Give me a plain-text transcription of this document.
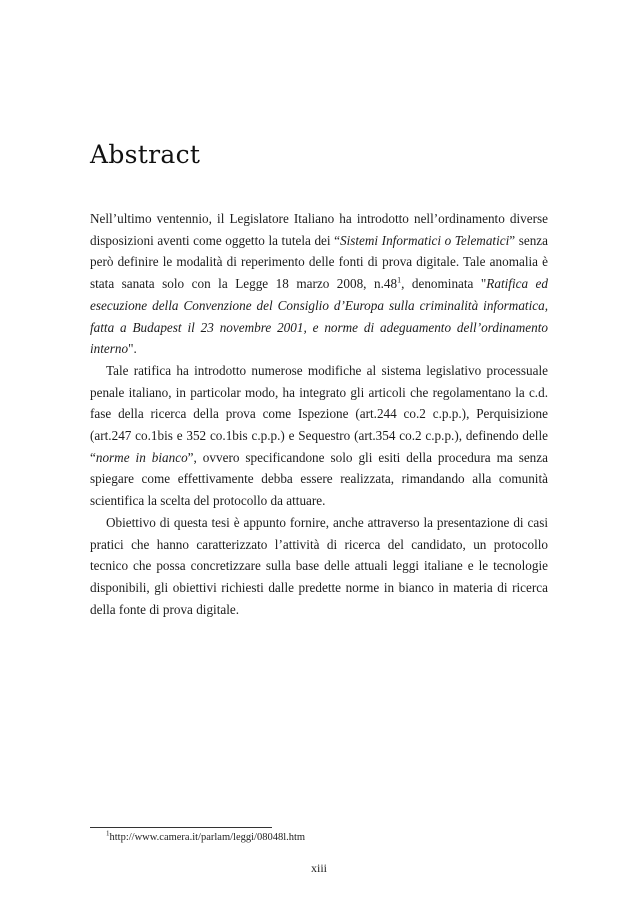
Abstract

Nell’ultimo ventennio, il Legislatore Italiano ha introdotto nell’ordinamento diverse disposizioni aventi come oggetto la tutela dei “Sistemi Informatici o Telematici” senza però definire le modalità di reperimento delle fonti di prova digitale. Tale anomalia è stata sanata solo con la Legge 18 marzo 2008, $n.48^1$, denominata "Ratifica ed esecuzione della Convenzione del Consiglio d’Europa sulla criminalità informatica, fatta a Budapest il 23 novembre 2001, e norme di adeguamento dell’ordinamento interno".

Tale ratifica ha introdotto numerose modifiche al sistema legislativo processuale penale italiano, in particolar modo, ha integrato gli articoli che regolamentano la c.d. fase della ricerca della prova come Ispezione (art.244 co.2 c.p.p.), Perquisizione (art.247 co.1bis e 352 co.1bis c.p.p.) e Sequestro (art.354 co.2 c.p.p.), definendo delle “norme in bianco”, ovvero specificandone solo gli esiti della procedura ma senza spiegare come effettivamente debba essere realizzata, rimandando alla comunità scientifica la scelta del protocollo da attuare.

Obiettivo di questa tesi è appunto fornire, anche attraverso la presentazione di casi pratici che hanno caratterizzato l’attività di ricerca del candidato, un protocollo tecnico che possa concretizzare sulla base delle attuali leggi italiane e le tecnologie disponibili, gli obiettivi richiesti dalle predette norme in bianco in materia di ricerca della fonte di prova digitale.

$^1$http://www.camera.it/parlam/leggi/08048l.htm
xiii
